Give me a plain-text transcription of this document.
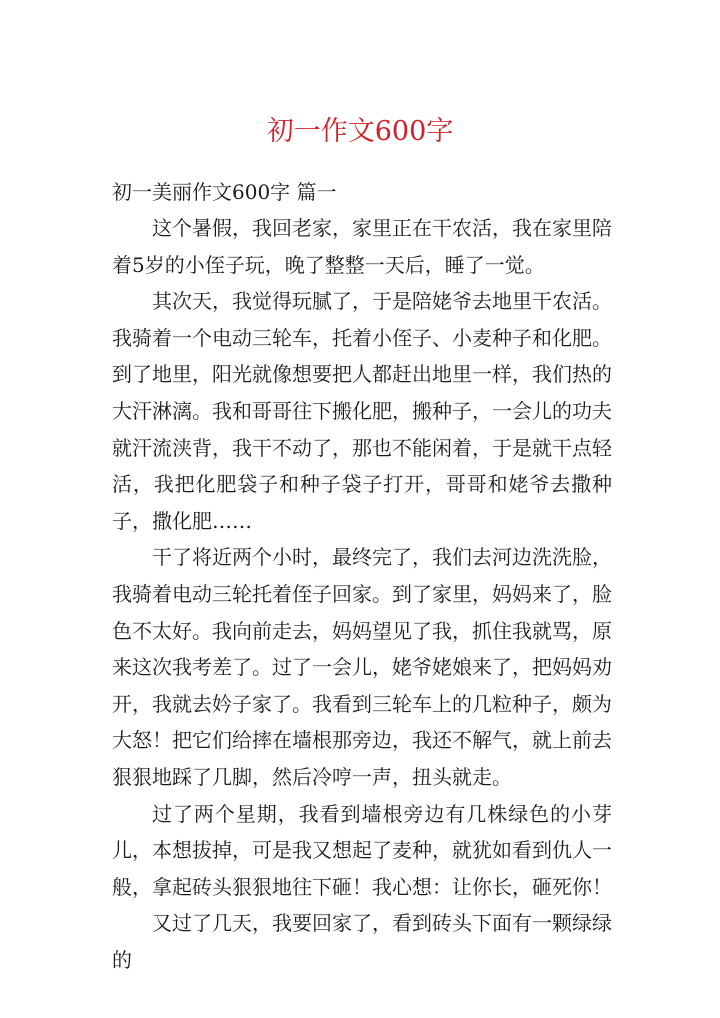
初一作文600字

初一美丽作文600字 篇一

这个暑假，我回老家，家里正在干农活，我在家里陪着5岁的小侄子玩，晚了整整一天后，睡了一觉。

其次天，我觉得玩腻了，于是陪姥爷去地里干农活。我骑着一个电动三轮车，托着小侄子、小麦种子和化肥。到了地里，阳光就像想要把人都赶出地里一样，我们热的大汗淋漓。我和哥哥往下搬化肥，搬种子，一会儿的功夫就汗流浃背，我干不动了，那也不能闲着，于是就干点轻活，我把化肥袋子和种子袋子打开，哥哥和姥爷去撒种子，撒化肥……

干了将近两个小时，最终完了，我们去河边洗洗脸，我骑着电动三轮托着侄子回家。到了家里，妈妈来了，脸色不太好。我向前走去，妈妈望见了我，抓住我就骂，原来这次我考差了。过了一会儿，姥爷姥娘来了，把妈妈劝开，我就去妗子家了。我看到三轮车上的几粒种子，颇为大怒！把它们给摔在墙根那旁边，我还不解气，就上前去狠狠地踩了几脚，然后冷哼一声，扭头就走。

过了两个星期，我看到墙根旁边有几株绿色的小芽儿，本想拔掉，可是我又想起了麦种，就犹如看到仇人一般，拿起砖头狠狠地往下砸！我心想：让你长，砸死你！

又过了几天，我要回家了，看到砖头下面有一颗绿绿的
